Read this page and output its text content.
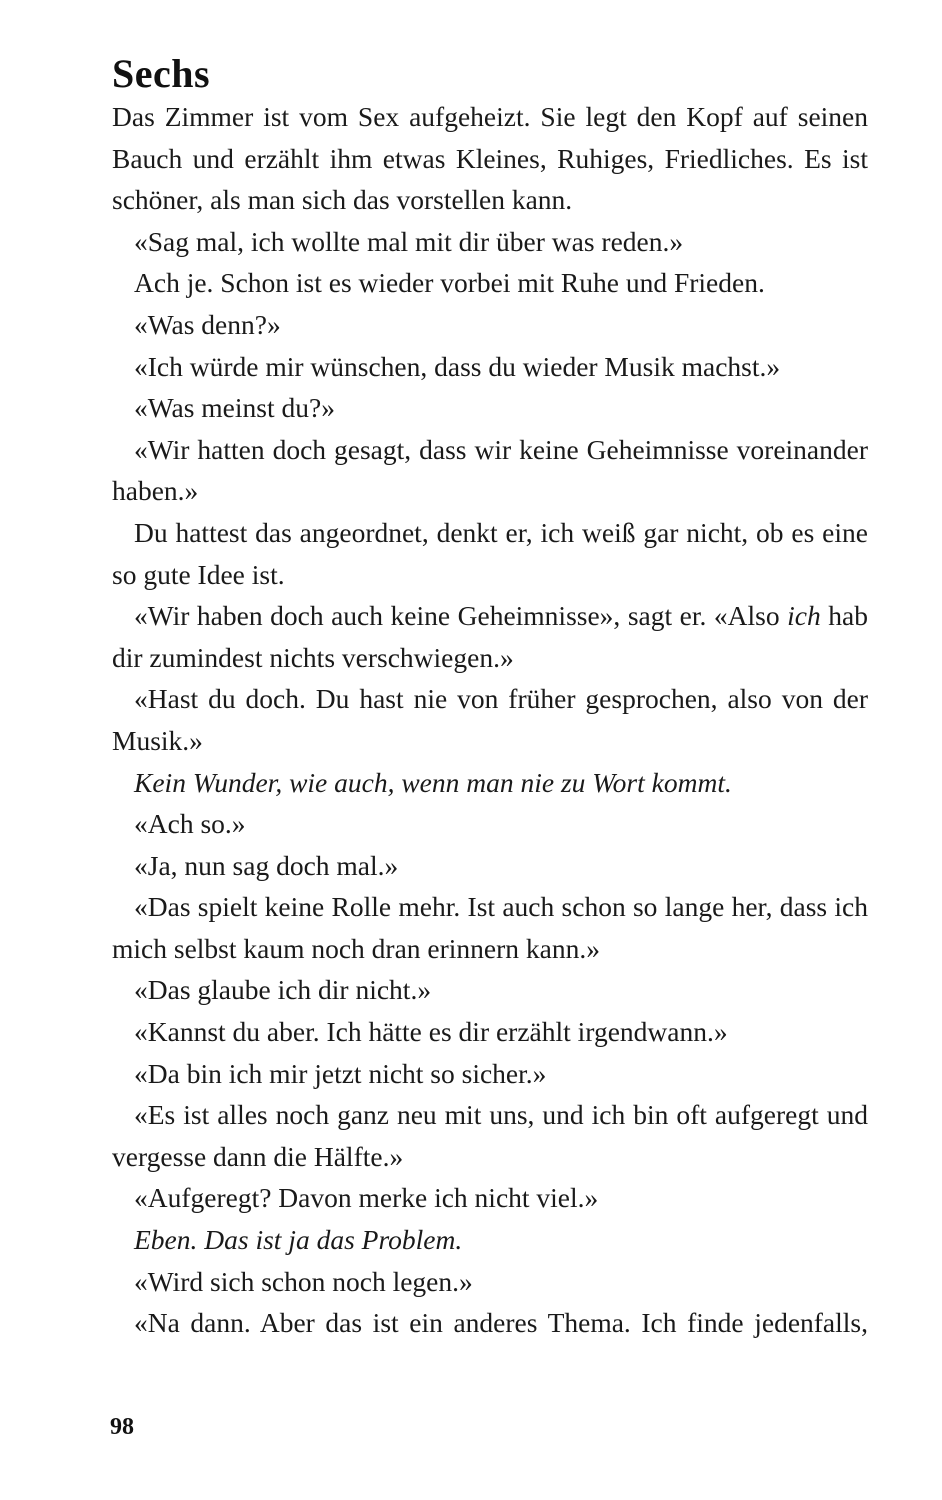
Sechs

Das Zimmer ist vom Sex aufgeheizt. Sie legt den Kopf auf seinen Bauch und erzählt ihm etwas Kleines, Ruhiges, Friedliches. Es ist schöner, als man sich das vorstellen kann.

«Sag mal, ich wollte mal mit dir über was reden.»

Ach je. Schon ist es wieder vorbei mit Ruhe und Frieden.

«Was denn?»

«Ich würde mir wünschen, dass du wieder Musik machst.»

«Was meinst du?»

«Wir hatten doch gesagt, dass wir keine Geheimnisse voreinander haben.»

Du hattest das angeordnet, denkt er, ich weiß gar nicht, ob es eine so gute Idee ist.

«Wir haben doch auch keine Geheimnisse», sagt er. «Also ich hab dir zumindest nichts verschwiegen.»

«Hast du doch. Du hast nie von früher gesprochen, also von der Musik.»

Kein Wunder, wie auch, wenn man nie zu Wort kommt.

«Ach so.»

«Ja, nun sag doch mal.»

«Das spielt keine Rolle mehr. Ist auch schon so lange her, dass ich mich selbst kaum noch dran erinnern kann.»

«Das glaube ich dir nicht.»

«Kannst du aber. Ich hätte es dir erzählt irgendwann.»

«Da bin ich mir jetzt nicht so sicher.»

«Es ist alles noch ganz neu mit uns, und ich bin oft aufgeregt und vergesse dann die Hälfte.»

«Aufgeregt? Davon merke ich nicht viel.»

Eben. Das ist ja das Problem.

«Wird sich schon noch legen.»

«Na dann. Aber das ist ein anderes Thema. Ich finde jedenfalls,

98
